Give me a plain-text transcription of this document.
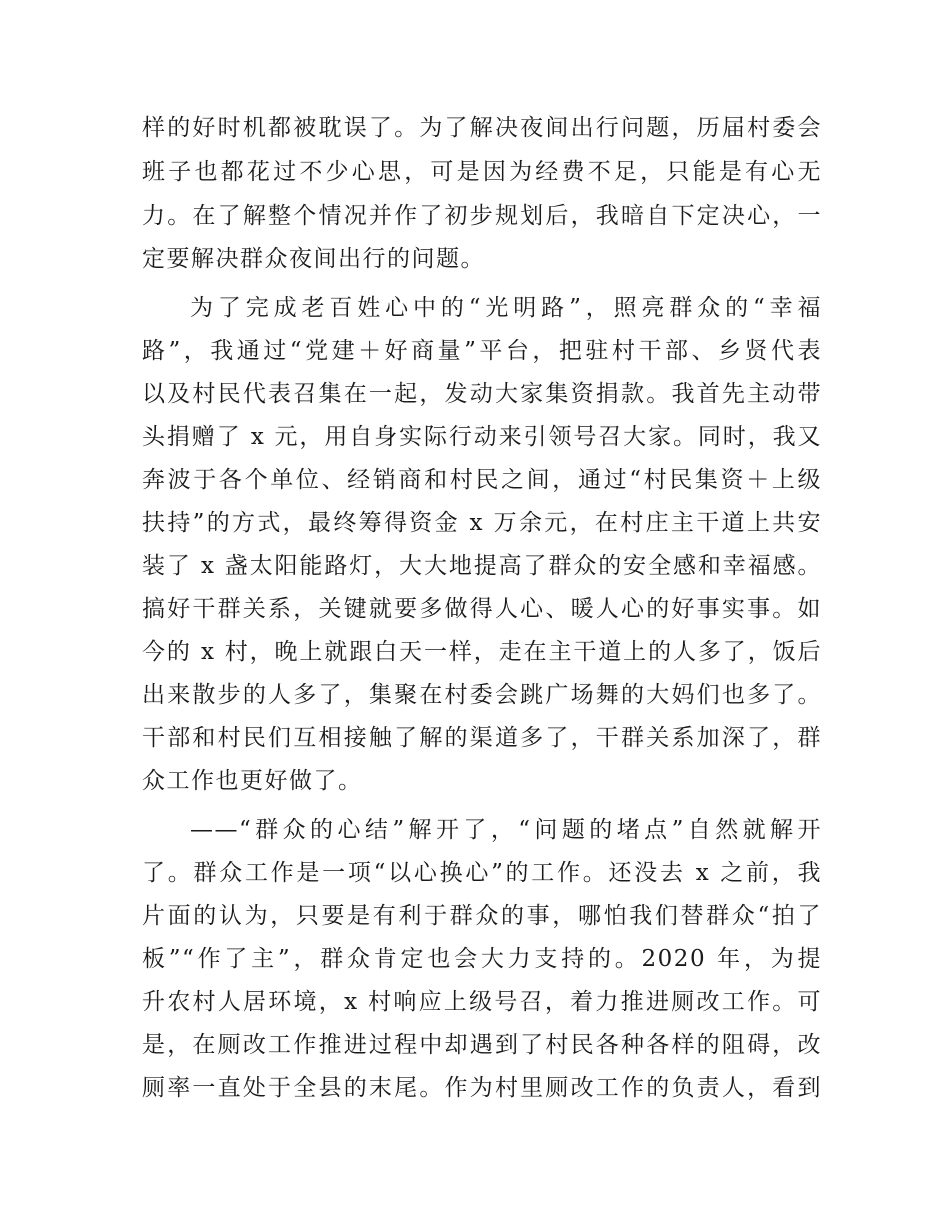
样的好时机都被耽误了。为了解决夜间出行问题，历届村委会
班子也都花过不少心思，可是因为经费不足，只能是有心无
力。在了解整个情况并作了初步规划后，我暗自下定决心，一
定要解决群众夜间出行的问题。
为了完成老百姓心中的“光明路”，照亮群众的“幸福
路”，我通过“党建＋好商量”平台，把驻村干部、乡贤代表
以及村民代表召集在一起，发动大家集资捐款。我首先主动带
头捐赠了 x 元，用自身实际行动来引领号召大家。同时，我又
奔波于各个单位、经销商和村民之间，通过“村民集资＋上级
扶持”的方式，最终筹得资金 x 万余元，在村庄主干道上共安
装了 x 盏太阳能路灯，大大地提高了群众的安全感和幸福感。
搞好干群关系，关键就要多做得人心、暖人心的好事实事。如
今的 x 村，晚上就跟白天一样，走在主干道上的人多了，饭后
出来散步的人多了，集聚在村委会跳广场舞的大妈们也多了。
干部和村民们互相接触了解的渠道多了，干群关系加深了，群
众工作也更好做了。
——“群众的心结”解开了，“问题的堵点”自然就解开
了。群众工作是一项“以心换心”的工作。还没去 x 之前，我
片面的认为，只要是有利于群众的事，哪怕我们替群众“拍了
板”“作了主”，群众肯定也会大力支持的。2020 年，为提
升农村人居环境，x 村响应上级号召，着力推进厕改工作。可
是，在厕改工作推进过程中却遇到了村民各种各样的阻碍，改
厕率一直处于全县的末尾。作为村里厕改工作的负责人，看到
